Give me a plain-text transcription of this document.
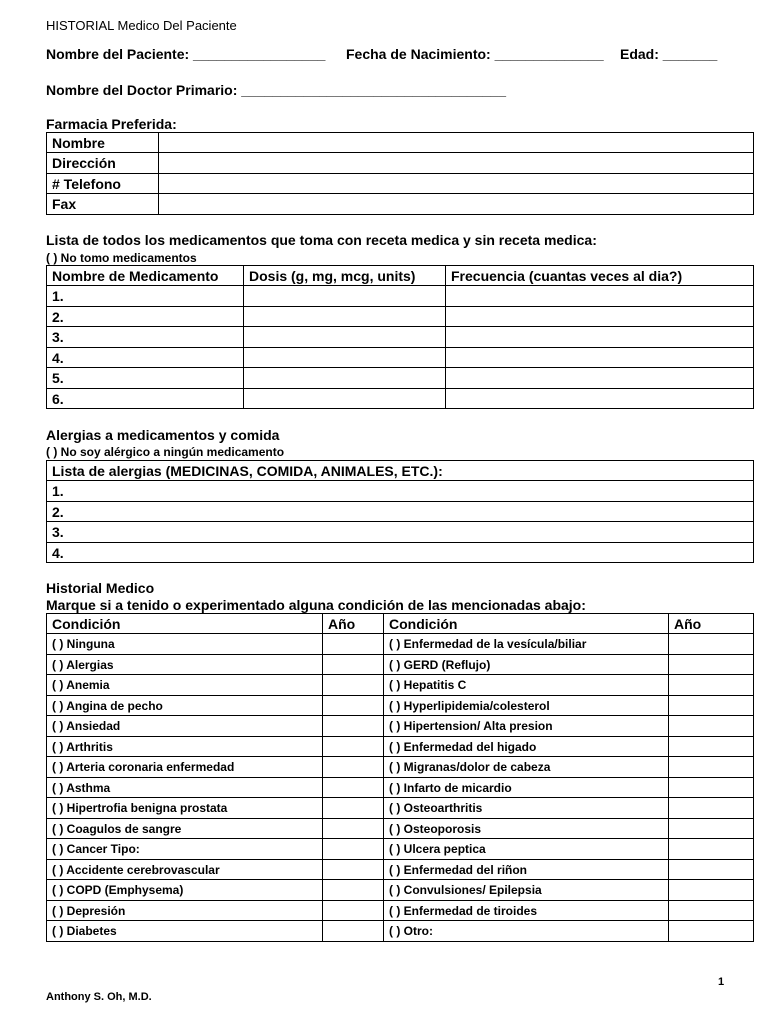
HISTORIAL Medico Del Paciente
Nombre del Paciente: _________________ Fecha de Nacimiento: ______________ Edad: _______
Nombre del Doctor Primario: __________________________________
Farmacia Preferida:
Nombre	
Dirección	
# Telefono	
Fax	
Lista de todos los medicamentos que toma con receta medica y sin receta medica:
( ) No tomo medicamentos
Nombre de Medicamento	Dosis (g, mg, mcg, units)	Frecuencia (cuantas veces al dia?)
1.		
2.		
3.		
4.		
5.		
6.		
Alergias a medicamentos y comida
( ) No soy alérgico a ningún medicamento
Lista de alergias (MEDICINAS, COMIDA, ANIMALES, ETC.):
1.
2.
3.
4.
Historial Medico
Marque si a tenido o experimentado alguna condición de las mencionadas abajo:
Condición	Año	Condición	Año
( ) Ninguna		( ) Enfermedad de la vesícula/biliar	
( ) Alergias		( ) GERD (Reflujo)	
( ) Anemia		( ) Hepatitis C	
( ) Angina de pecho		( ) Hyperlipidemia/colesterol	
( ) Ansiedad		( ) Hipertension/ Alta presion	
( ) Arthritis		( ) Enfermedad del higado	
( ) Arteria coronaria enfermedad		( ) Migranas/dolor de cabeza	
( ) Asthma		( ) Infarto de micardio	
( ) Hipertrofia benigna prostata		( ) Osteoarthritis	
( ) Coagulos de sangre		( ) Osteoporosis	
( ) Cancer Tipo:		( ) Ulcera peptica	
( ) Accidente cerebrovascular		( ) Enfermedad del riñon	
( ) COPD (Emphysema)		( ) Convulsiones/ Epilepsia	
( ) Depresión		( ) Enfermedad de tiroides	
( ) Diabetes		( ) Otro:	
1
Anthony S. Oh, M.D.
